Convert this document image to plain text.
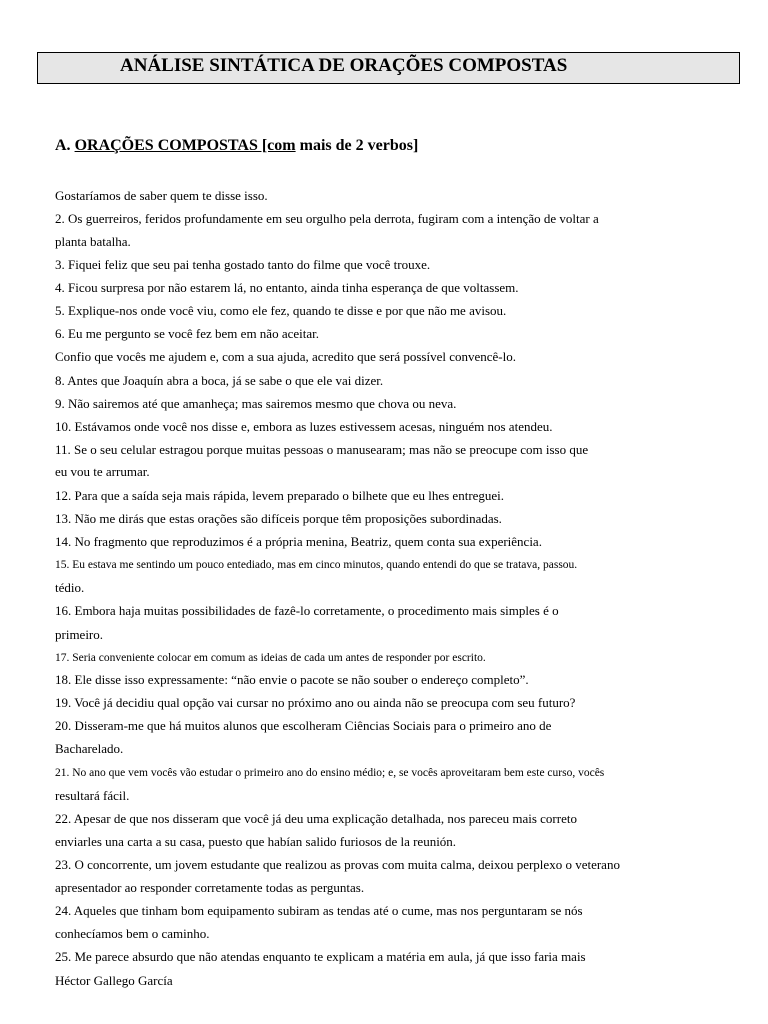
ANÁLISE SINTÁTICA DE ORAÇÕES COMPOSTAS
A. ORAÇÕES COMPOSTAS [com mais de 2 verbos]
Gostaríamos de saber quem te disse isso.
2. Os guerreiros, feridos profundamente em seu orgulho pela derrota, fugiram com a intenção de voltar a
planta batalha.
3. Fiquei feliz que seu pai tenha gostado tanto do filme que você trouxe.
4. Ficou surpresa por não estarem lá, no entanto, ainda tinha esperança de que voltassem.
5. Explique-nos onde você viu, como ele fez, quando te disse e por que não me avisou.
6. Eu me pergunto se você fez bem em não aceitar.
Confio que vocês me ajudem e, com a sua ajuda, acredito que será possível convencê-lo.
8. Antes que Joaquín abra a boca, já se sabe o que ele vai dizer.
9. Não sairemos até que amanheça; mas sairemos mesmo que chova ou neva.
10. Estávamos onde você nos disse e, embora as luzes estivessem acesas, ninguém nos atendeu.
11. Se o seu celular estragou porque muitas pessoas o manusearam; mas não se preocupe com isso que
eu vou te arrumar.
12. Para que a saída seja mais rápida, levem preparado o bilhete que eu lhes entreguei.
13. Não me dirás que estas orações são difíceis porque têm proposições subordinadas.
14. No fragmento que reproduzimos é a própria menina, Beatriz, quem conta sua experiência.
15. Eu estava me sentindo um pouco entediado, mas em cinco minutos, quando entendi do que se tratava, passou.
tédio.
16. Embora haja muitas possibilidades de fazê-lo corretamente, o procedimento mais simples é o
primeiro.
17. Seria conveniente colocar em comum as ideias de cada um antes de responder por escrito.
18. Ele disse isso expressamente: “não envie o pacote se não souber o endereço completo”.
19. Você já decidiu qual opção vai cursar no próximo ano ou ainda não se preocupa com seu futuro?
20. Disseram-me que há muitos alunos que escolheram Ciências Sociais para o primeiro ano de
Bacharelado.
21. No ano que vem vocês vão estudar o primeiro ano do ensino médio; e, se vocês aproveitaram bem este curso, vocês
resultará fácil.
22. Apesar de que nos disseram que você já deu uma explicação detalhada, nos pareceu mais correto
enviarles una carta a su casa, puesto que habían salido furiosos de la reunión.
23. O concorrente, um jovem estudante que realizou as provas com muita calma, deixou perplexo o veterano
apresentador ao responder corretamente todas as perguntas.
24. Aqueles que tinham bom equipamento subiram as tendas até o cume, mas nos perguntaram se nós
conhecíamos bem o caminho.
25. Me parece absurdo que não atendas enquanto te explicam a matéria em aula, já que isso faria mais
Héctor Gallego García
